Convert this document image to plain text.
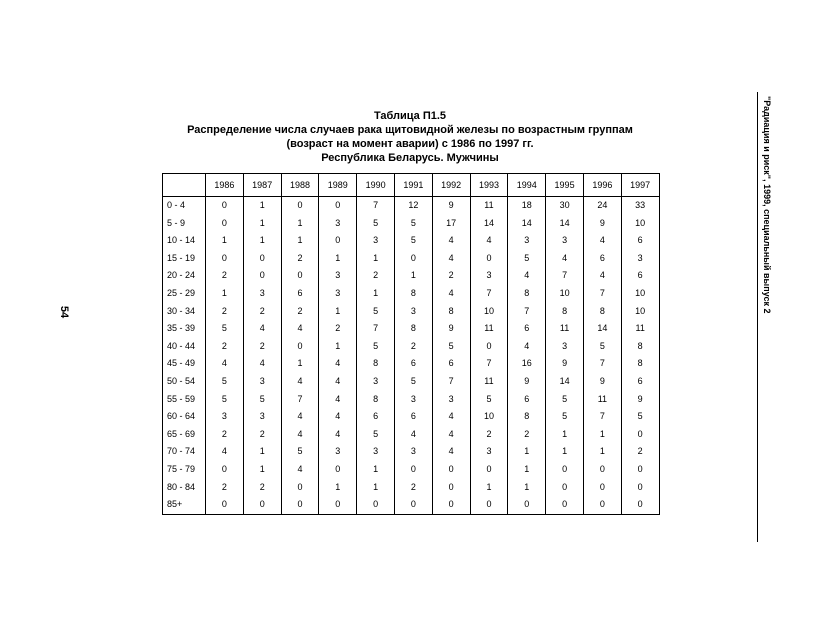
Таблица П1.5
Распределение числа случаев рака щитовидной железы по возрастным группам
(возраст на момент аварии) с 1986 по 1997 гг.
Республика Беларусь. Мужчины
	1986	1987	1988	1989	1990	1991	1992	1993	1994	1995	1996	1997
0 - 4	0	1	0	0	7	12	9	11	18	30	24	33
5 - 9	0	1	1	3	5	5	17	14	14	14	9	10
10 - 14	1	1	1	0	3	5	4	4	3	3	4	6
15 - 19	0	0	2	1	1	0	4	0	5	4	6	3
20 - 24	2	0	0	3	2	1	2	3	4	7	4	6
25 - 29	1	3	6	3	1	8	4	7	8	10	7	10
30 - 34	2	2	2	1	5	3	8	10	7	8	8	10
35 - 39	5	4	4	2	7	8	9	11	6	11	14	11
40 - 44	2	2	0	1	5	2	5	0	4	3	5	8
45 - 49	4	4	1	4	8	6	6	7	16	9	7	8
50 - 54	5	3	4	4	3	5	7	11	9	14	9	6
55 - 59	5	5	7	4	8	3	3	5	6	5	11	9
60 - 64	3	3	4	4	6	6	4	10	8	5	7	5
65 - 69	2	2	4	4	5	4	4	2	2	1	1	0
70 - 74	4	1	5	3	3	3	4	3	1	1	1	2
75 - 79	0	1	4	0	1	0	0	0	1	0	0	0
80 - 84	2	2	0	1	1	2	0	1	1	0	0	0
85+	0	0	0	0	0	0	0	0	0	0	0	0
54	"Радиация и риск", 1999, специальный выпуск 2
